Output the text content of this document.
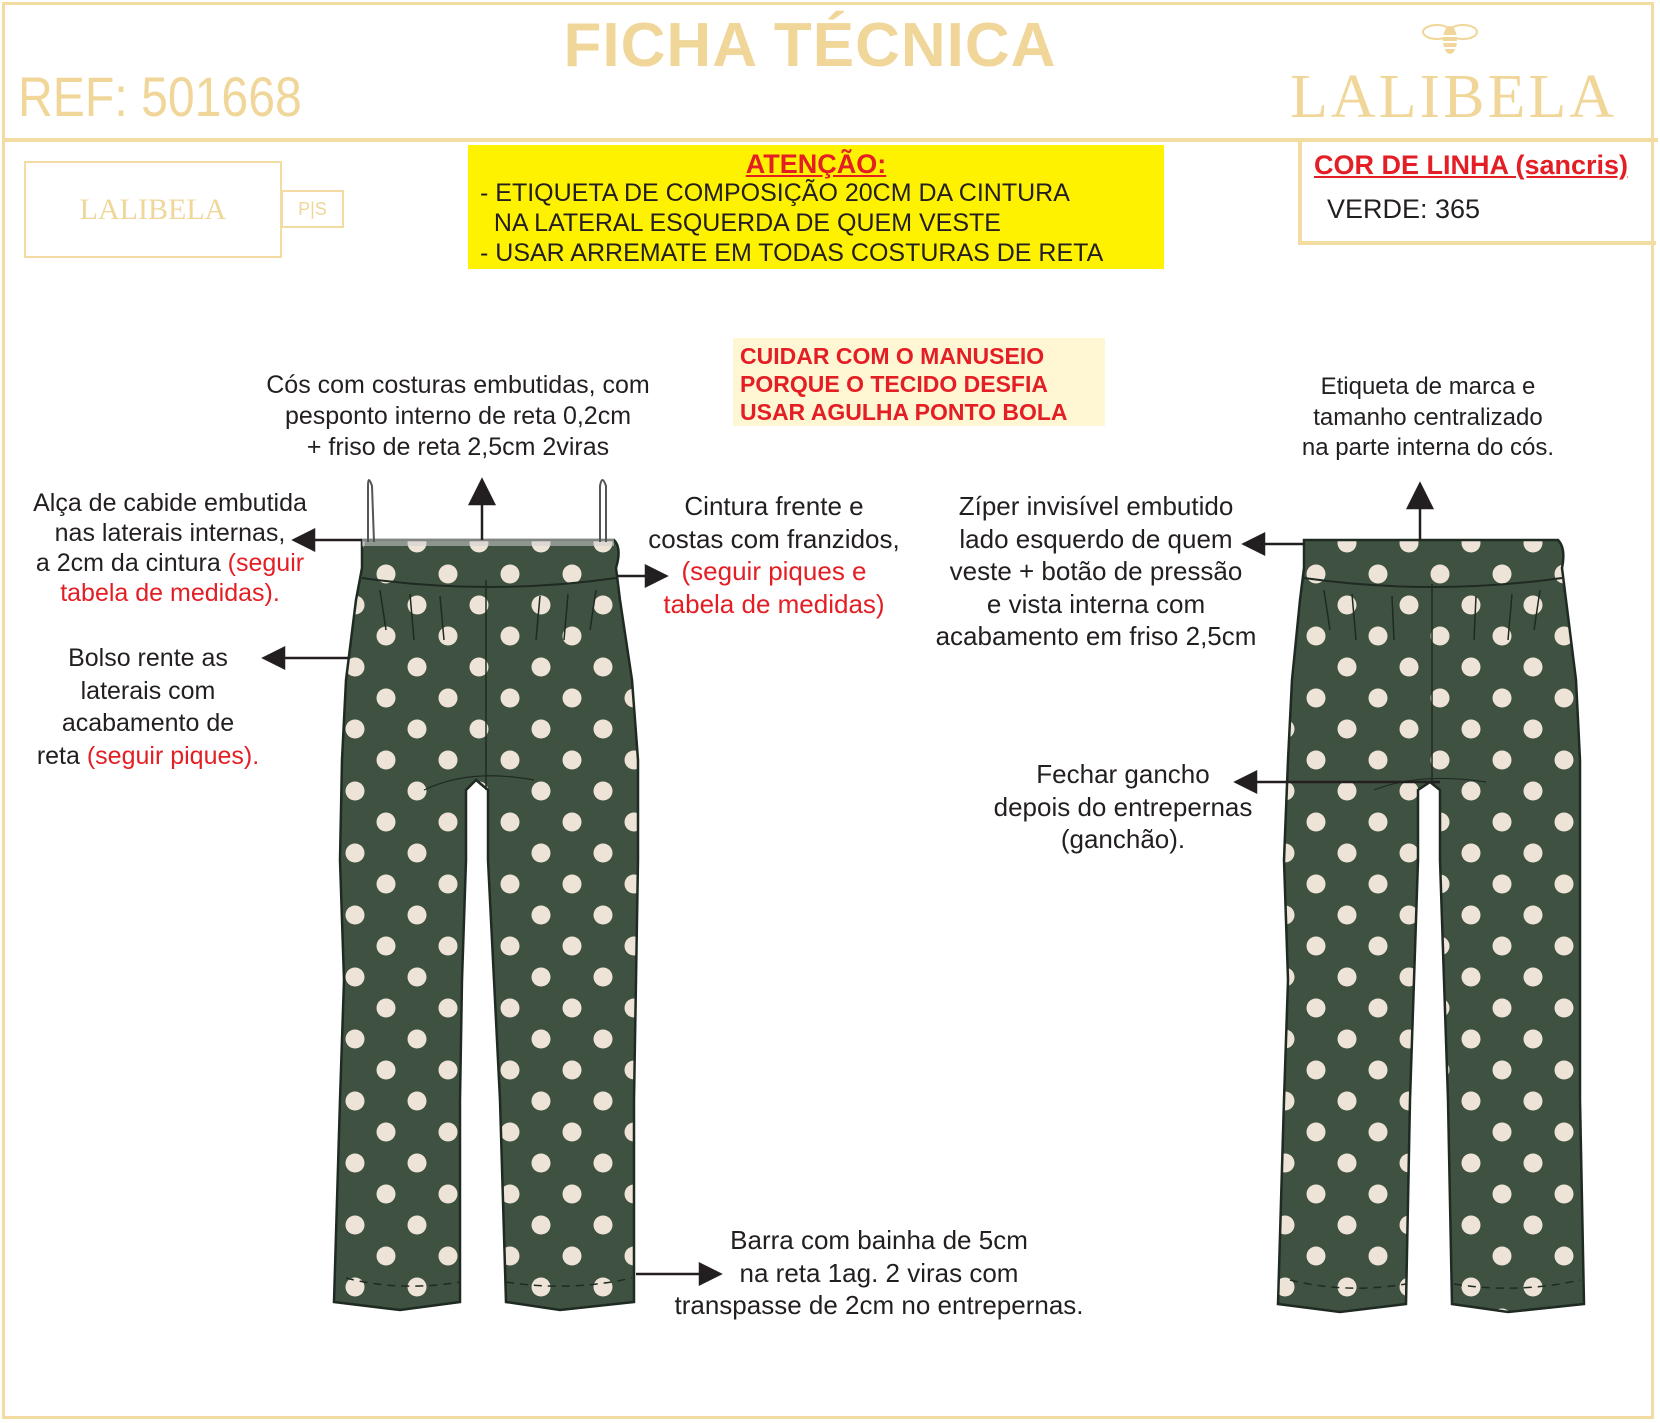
FICHA TÉCNICA
REF: 501668	LALIBELA
LALIBELA	P|S
ATENÇÃO:
- ETIQUETA DE COMPOSIÇÃO 20CM DA CINTURA
NA LATERAL ESQUERDA DE QUEM VESTE
- USAR ARREMATE EM TODAS COSTURAS DE RETA
COR DE LINHA (sancris)
VERDE: 365
CUIDAR COM O MANUSEIO
PORQUE O TECIDO DESFIA
USAR AGULHA PONTO BOLA
Cós com costuras embutidas, com
pesponto interno de reta 0,2cm
+ friso de reta 2,5cm 2viras
Alça de cabide embutida
nas laterais internas,
a 2cm da cintura (seguir
tabela de medidas).
Bolso rente as
laterais com
acabamento de
reta (seguir piques).
Cintura frente e
costas com franzidos,
(seguir piques e
tabela de medidas)
Barra com bainha de 5cm
na reta 1ag. 2 viras com
transpasse de 2cm no entrepernas.
Etiqueta de marca e
tamanho centralizado
na parte interna do cós.
Zíper invisível embutido
lado esquerdo de quem
veste + botão de pressão
e vista interna com
acabamento em friso 2,5cm
Fechar gancho
depois do entrepernas
(ganchão).
